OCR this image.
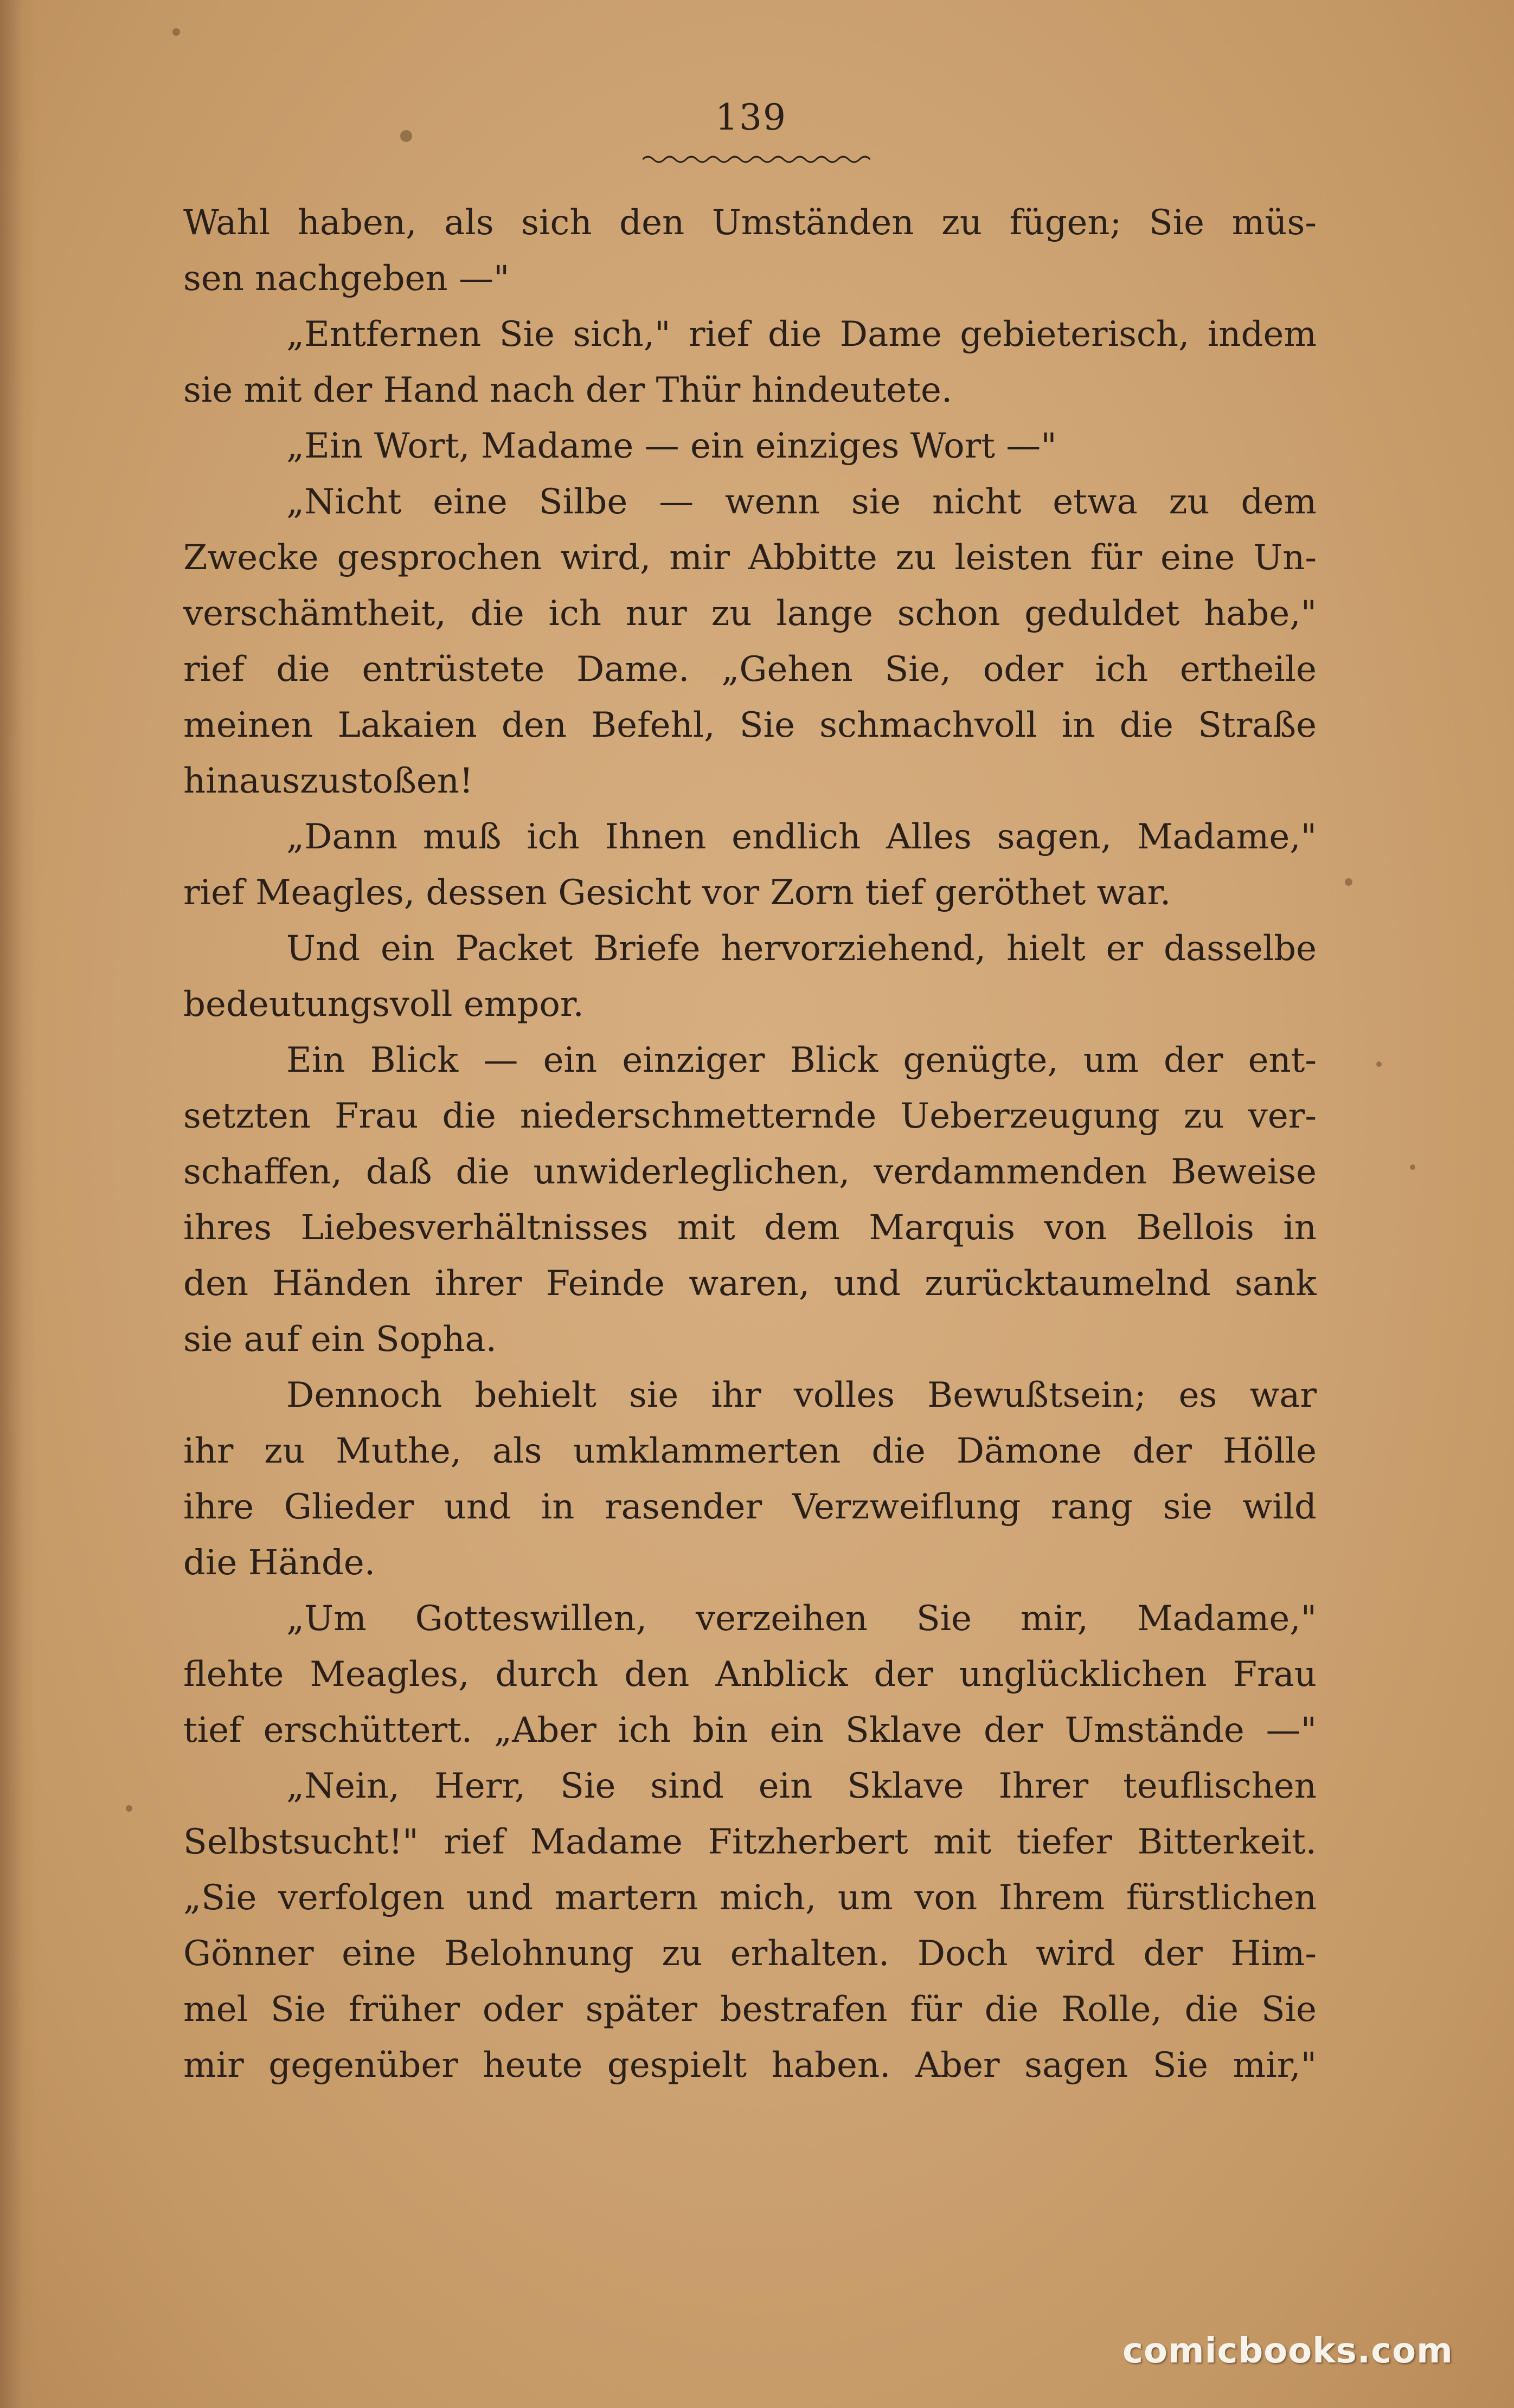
139
Wahl haben, als sich den Umständen zu fügen; Sie müs-
sen nachgeben —"
„Entfernen Sie sich," rief die Dame gebieterisch, indem
sie mit der Hand nach der Thür hindeutete.
„Ein Wort, Madame — ein einziges Wort —"
„Nicht eine Silbe — wenn sie nicht etwa zu dem
Zwecke gesprochen wird, mir Abbitte zu leisten für eine Un-
verschämtheit, die ich nur zu lange schon geduldet habe,"
rief die entrüstete Dame. „Gehen Sie, oder ich ertheile
meinen Lakaien den Befehl, Sie schmachvoll in die Straße
hinauszustoßen!
„Dann muß ich Ihnen endlich Alles sagen, Madame,"
rief Meagles, dessen Gesicht vor Zorn tief geröthet war.
Und ein Packet Briefe hervorziehend, hielt er dasselbe
bedeutungsvoll empor.
Ein Blick — ein einziger Blick genügte, um der ent-
setzten Frau die niederschmetternde Ueberzeugung zu ver-
schaffen, daß die unwiderleglichen, verdammenden Beweise
ihres Liebesverhältnisses mit dem Marquis von Bellois in
den Händen ihrer Feinde waren, und zurücktaumelnd sank
sie auf ein Sopha.
Dennoch behielt sie ihr volles Bewußtsein; es war
ihr zu Muthe, als umklammerten die Dämone der Hölle
ihre Glieder und in rasender Verzweiflung rang sie wild
die Hände.
„Um Gotteswillen, verzeihen Sie mir, Madame,"
flehte Meagles, durch den Anblick der unglücklichen Frau
tief erschüttert. „Aber ich bin ein Sklave der Umstände —"
„Nein, Herr, Sie sind ein Sklave Ihrer teuflischen
Selbstsucht!" rief Madame Fitzherbert mit tiefer Bitterkeit.
„Sie verfolgen und martern mich, um von Ihrem fürstlichen
Gönner eine Belohnung zu erhalten. Doch wird der Him-
mel Sie früher oder später bestrafen für die Rolle, die Sie
mir gegenüber heute gespielt haben. Aber sagen Sie mir,"
comicbooks.com
